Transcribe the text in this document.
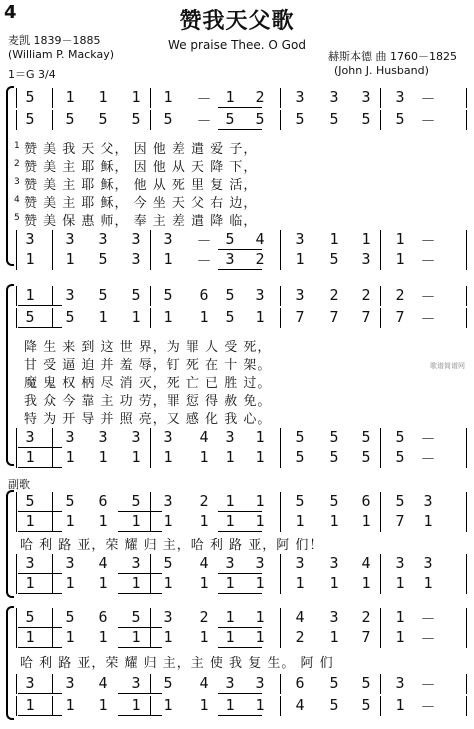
4	赞我天父歌
麦凯 1839－1885
(William P. Mackay)
We praise Thee. O God
赫斯本德 曲 1760－1825
(John J. Husband)
1＝G 3/4
5	1	1	1	1	－ 1	2	3	3	3	3	－
5	5	5	5	5	－ 5	5	5	5	5	5	－
1 赞 美 我 天 父， 因 他 差 遣 爱 子，
2 赞 美 主 耶 稣， 因 他 从 天 降 下，
3 赞 美 主 耶 稣， 他 从 死 里 复 活，
4 赞 美 主 耶 稣， 今 坐 天 父 右 边，
5 赞 美 保 惠 师， 奉 主 差 遣 降 临，
3	3	3	3	3	－ 5	4	3	1	1	1	－
1	1	5	3	1	－ 3	2	1	5	3	1	－
1	3	5	5	5	6	5	3	3	2	2	2	－
5	5	1	1	1	1	5	1	7	7	7	7	－
降 生 来 到 这 世 界，为 罪 人 受 死，
甘 受 逼 迫 并 羞 辱，钉 死 在 十 架。
魔 鬼 权 柄 尽 消 灭，死 亡 已 胜 过。
我 众 今 靠 主 功 劳，罪 愆 得 赦 免。
特 为 开 导 并 照 亮，又 感 化 我 心。
3	3	3	3	3	4	3	1	5	5	5	5	－
1	1	1	1	1	1	1	1	5	5	5	5	－
歌谱简谱网
副歌
5	5	6	5	3	2	1	1	5	5	6	5	3
1	1	1	1	1	1	1	1	1	1	1	7	1
哈 利 路 亚，荣 耀 归 主，哈 利 路 亚，阿 们！
3	3	4	3	5	4	3	3	3	3	4	3	3
1	1	1	1	1	1	1	1	1	1	1	1	1
5	5	6	5	3	2	1	1	4	3	2	1	－
1	1	1	1	1	1	1	1	2	1	7	1	－
哈 利 路 亚，荣 耀 归 主，主 使 我 复 生。 阿 们
3	3	4	3	5	4	3	3	6	5	5	3	－
1	1	1	1	1	1	1	1	4	5	5	1	－
